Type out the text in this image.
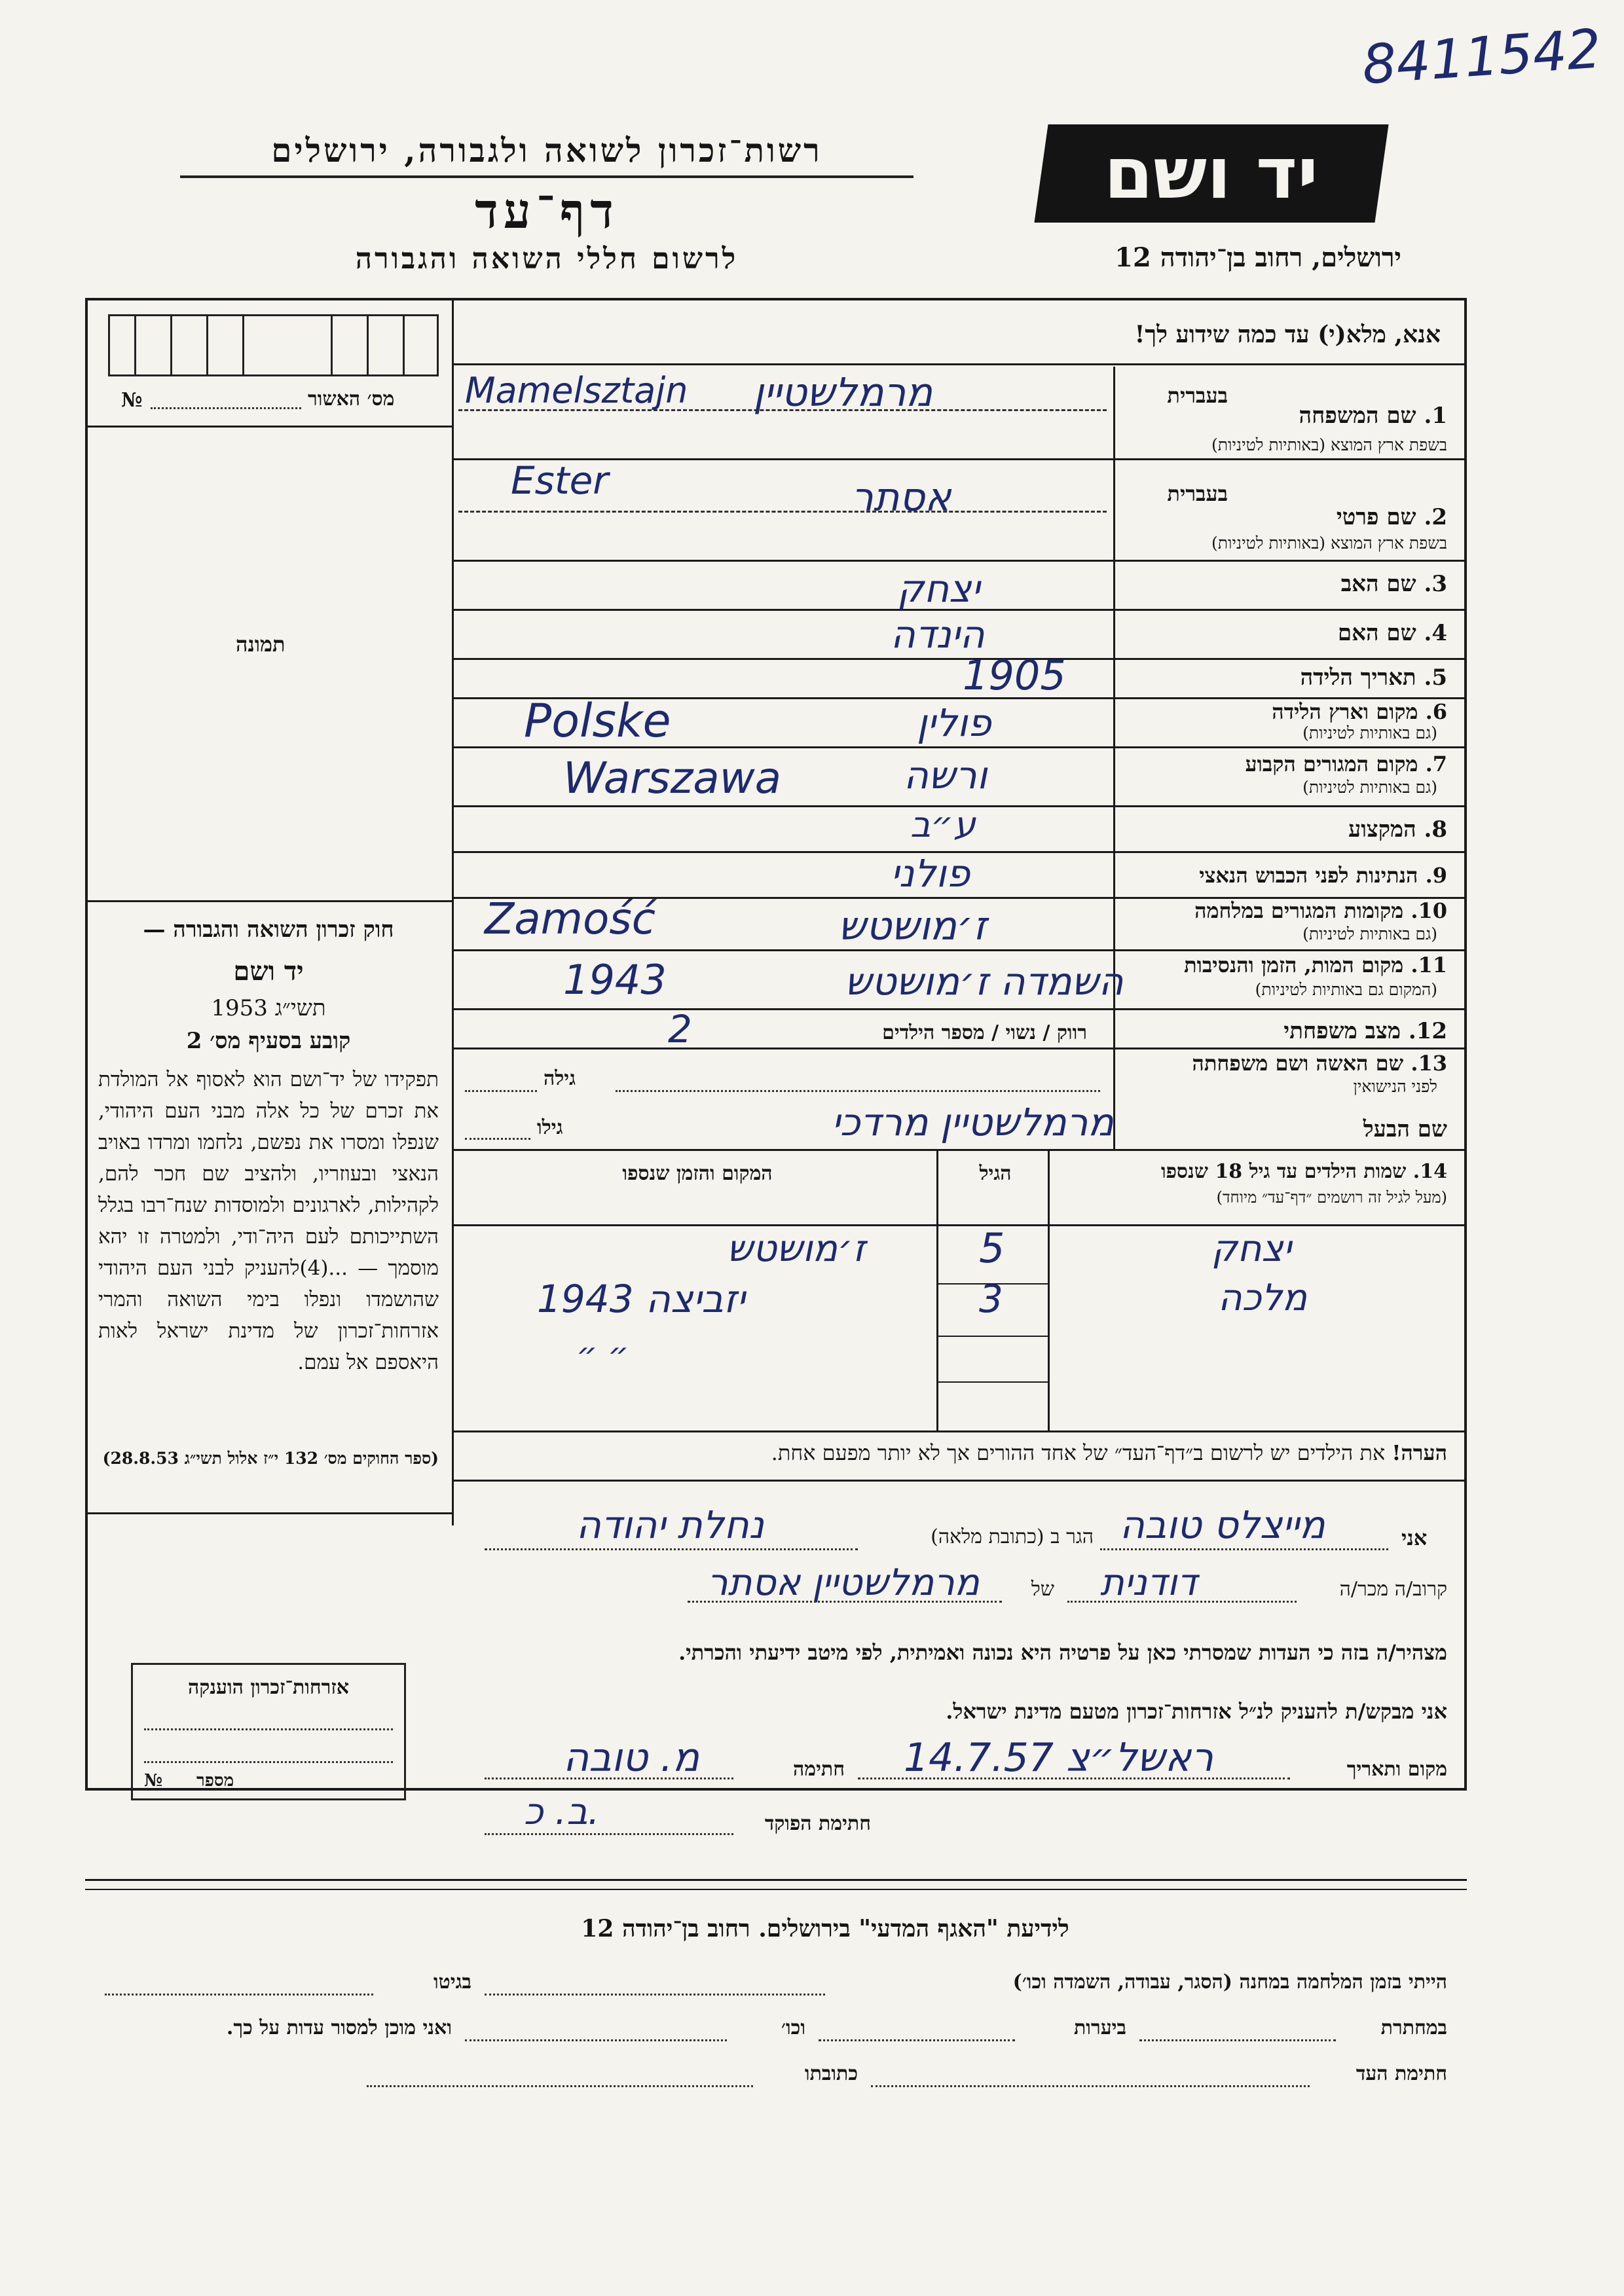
8411542
רשות־זכרון לשואה ולגבורה, ירושלים
דף־עד
לרשום חללי השואה והגבורה
יד ושם
ירושלים, רחוב בן־יהודה 12
אנא, מלא(י) עד כמה שידוע לך!
מס׳ האשור
№
תמונה
חוק זכרון השואה והגבורה —
יד ושם
תשי״ג 1953
קובע בסעיף מס׳ 2
תפקידו של יד־ושם הוא לאסוף אל המולדת את זכרם של כל אלה מבני העם היהודי, שנפלו ומסרו את נפשם, נלחמו ומרדו באויב הנאצי ובעוזריו, ולהציב שם חכר להם, לקהילות, לארגונים ולמוסדות שנח־רבו בגלל השתייכותם לעם היה־ודי, ולמטרה זו יהא מוסמך — ...(4)להעניק לבני העם היהודי שהושמדו ונפלו בימי השואה והמרי אזרחות־זכרון של מדינת ישראל לאות היאספם אל עמם.
(ספר החוקים מס׳ 132 י״ז אלול תשי״ג 28.8.53)
אזרחות־זכרון הוענקה
מספר
№
בעברית
1. שם המשפחה
בשפת ארץ המוצא (באותיות לטיניות)
מרמלשטיין
Mamelsztajn
בעברית
2. שם פרטי
בשפת ארץ המוצא (באותיות לטיניות)
אסתר
Ester
3. שם האב
יצחק
4. שם האם
הינדה
5. תאריך הלידה
1905
6. מקום וארץ הלידה
(גם באותיות לטיניות)
פולין
Polske
7. מקום המגורים הקבוע
(גם באותיות לטיניות)
ורשה
Warszawa
8. המקצוע
ע״ב
9. הנתינות לפני הכבוש הנאצי
פולני
10. מקומות המגורים במלחמה
(גם באותיות לטיניות)
ז׳מושטש
Zamość
11. מקום המות, הזמן והנסיבות
(המקום גם באותיות לטיניות)
השמדה ז׳מושטש
1943
12. מצב משפחתי
רווק / נשוי / מספר הילדים
2
13. שם האשה ושם משפחתה
לפני הנישואין
גילה
שם הבעל
מרמלשטיין מרדכי
גילו
14. שמות הילדים עד גיל 18 שנספו
(מעל לגיל זה רושמים ״דף־עד״ מיוחד)
הגיל
המקום והזמן שנספו
יצחק
5
ז׳מושטש
מלכה
3
יזביצה 1943
״ ״
הערה! את הילדים יש לרשום ב״דף־העד״ של אחד ההורים אך לא יותר מפעם אחת.
אני
מייצלס טובה
הגר ב (כתובת מלאה)
נחלת יהודה
קרוב/ה מכר/ה
דודנית
של
מרמלשטיין אסתר
מצהיר/ה בזה כי העדות שמסרתי כאן על פרטיה היא נכונה ואמיתית, לפי מיטב ידיעתי והכרתי.
אני מבקש/ת להעניק לנ״ל אזרחות־זכרון מטעם מדינת ישראל.
מקום ותאריך
ראשל״צ 14.7.57
חתימה
מ. טובה
חתימת הפוקד
ב. כ.
לידיעת "האגף המדעי" בירושלים. רחוב בן־יהודה 12
הייתי בזמן המלחמה במחנה (הסגר, עבודה, השמדה וכו׳)
בגיטו
במחתרת
ביערות
וכו׳
ואני מוכן למסור עדות על כך.
חתימת העד
כתובתו
